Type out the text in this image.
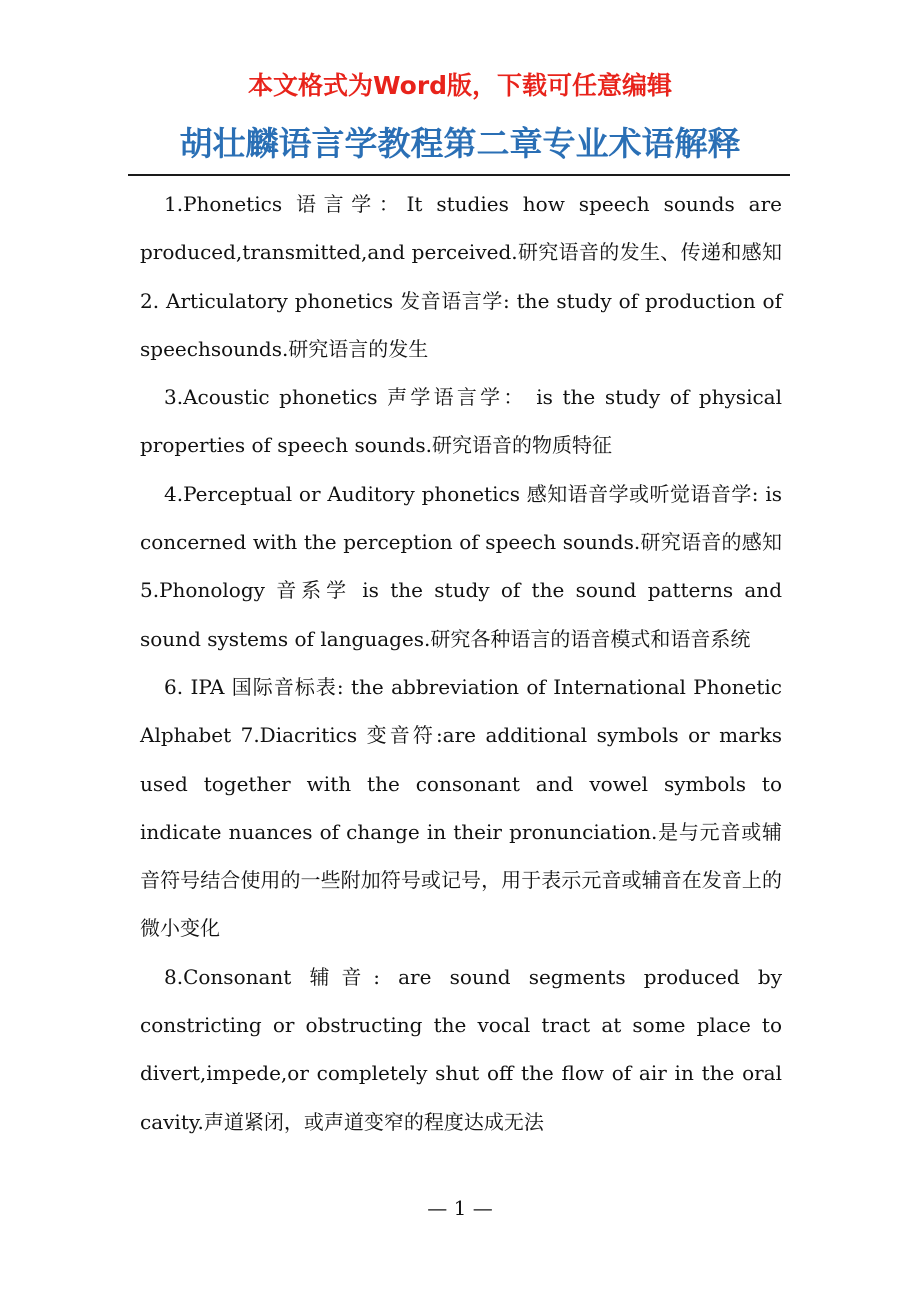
本文格式为Word版，下载可任意编辑
胡壮麟语言学教程第二章专业术语解释

1.Phonetics 语言学：It studies how speech sounds are produced,transmitted,and perceived.研究语音的发生、传递和感知 2. Articulatory phonetics 发音语言学: the study of production of speechsounds.研究语言的发生

3.Acoustic phonetics 声学语言学： is the study of physical properties of speech sounds.研究语音的物质特征

4.Perceptual or Auditory phonetics 感知语音学或听觉语音学: is concerned with the perception of speech sounds.研究语音的感知 5.Phonology 音系学 is the study of the sound patterns and sound systems of languages.研究各种语言的语音模式和语音系统

6. IPA 国际音标表: the abbreviation of International Phonetic Alphabet 7.Diacritics 变音符:are additional symbols or marks used together with the consonant and vowel symbols to indicate nuances of change in their pronunciation.是与元音或辅音符号结合使用的一些附加符号或记号，用于表示元音或辅音在发音上的微小变化

8.Consonant 辅音: are sound segments produced by constricting or obstructing the vocal tract at some place to divert,impede,or completely shut off the flow of air in the oral cavity.声道紧闭，或声道变窄的程度达成无法

— 1 —
